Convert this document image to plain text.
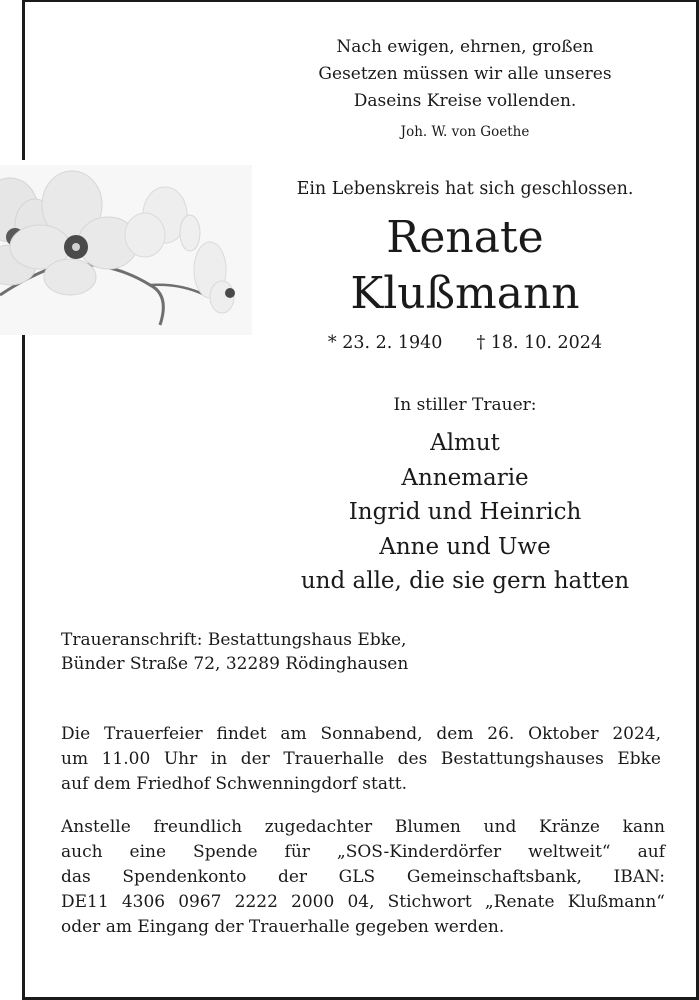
Nach ewigen, ehrnen, großen
Gesetzen müssen wir alle unseres
Daseins Kreise vollenden.
Joh. W. von Goethe
Ein Lebenskreis hat sich geschlossen.
Renate
Klußmann
* 23. 2. 1940 † 18. 10. 2024
In stiller Trauer:
Almut
Annemarie
Ingrid und Heinrich
Anne und Uwe
und alle, die sie gern hatten
Traueranschrift: Bestattungshaus Ebke,
Bünder Straße 72, 32289 Rödinghausen
Die Trauerfeier findet am Sonnabend, dem 26. Oktober 2024,
um 11.00 Uhr in der Trauerhalle des Bestattungshauses Ebke
auf dem Friedhof Schwenningdorf statt.
Anstelle freundlich zugedachter Blumen und Kränze kann
auch eine Spende für „SOS-Kinderdörfer weltweit“ auf
das Spendenkonto der GLS Gemeinschaftsbank, IBAN:
DE11 4306 0967 2222 2000 04, Stichwort „Renate Klußmann“
oder am Eingang der Trauerhalle gegeben werden.
